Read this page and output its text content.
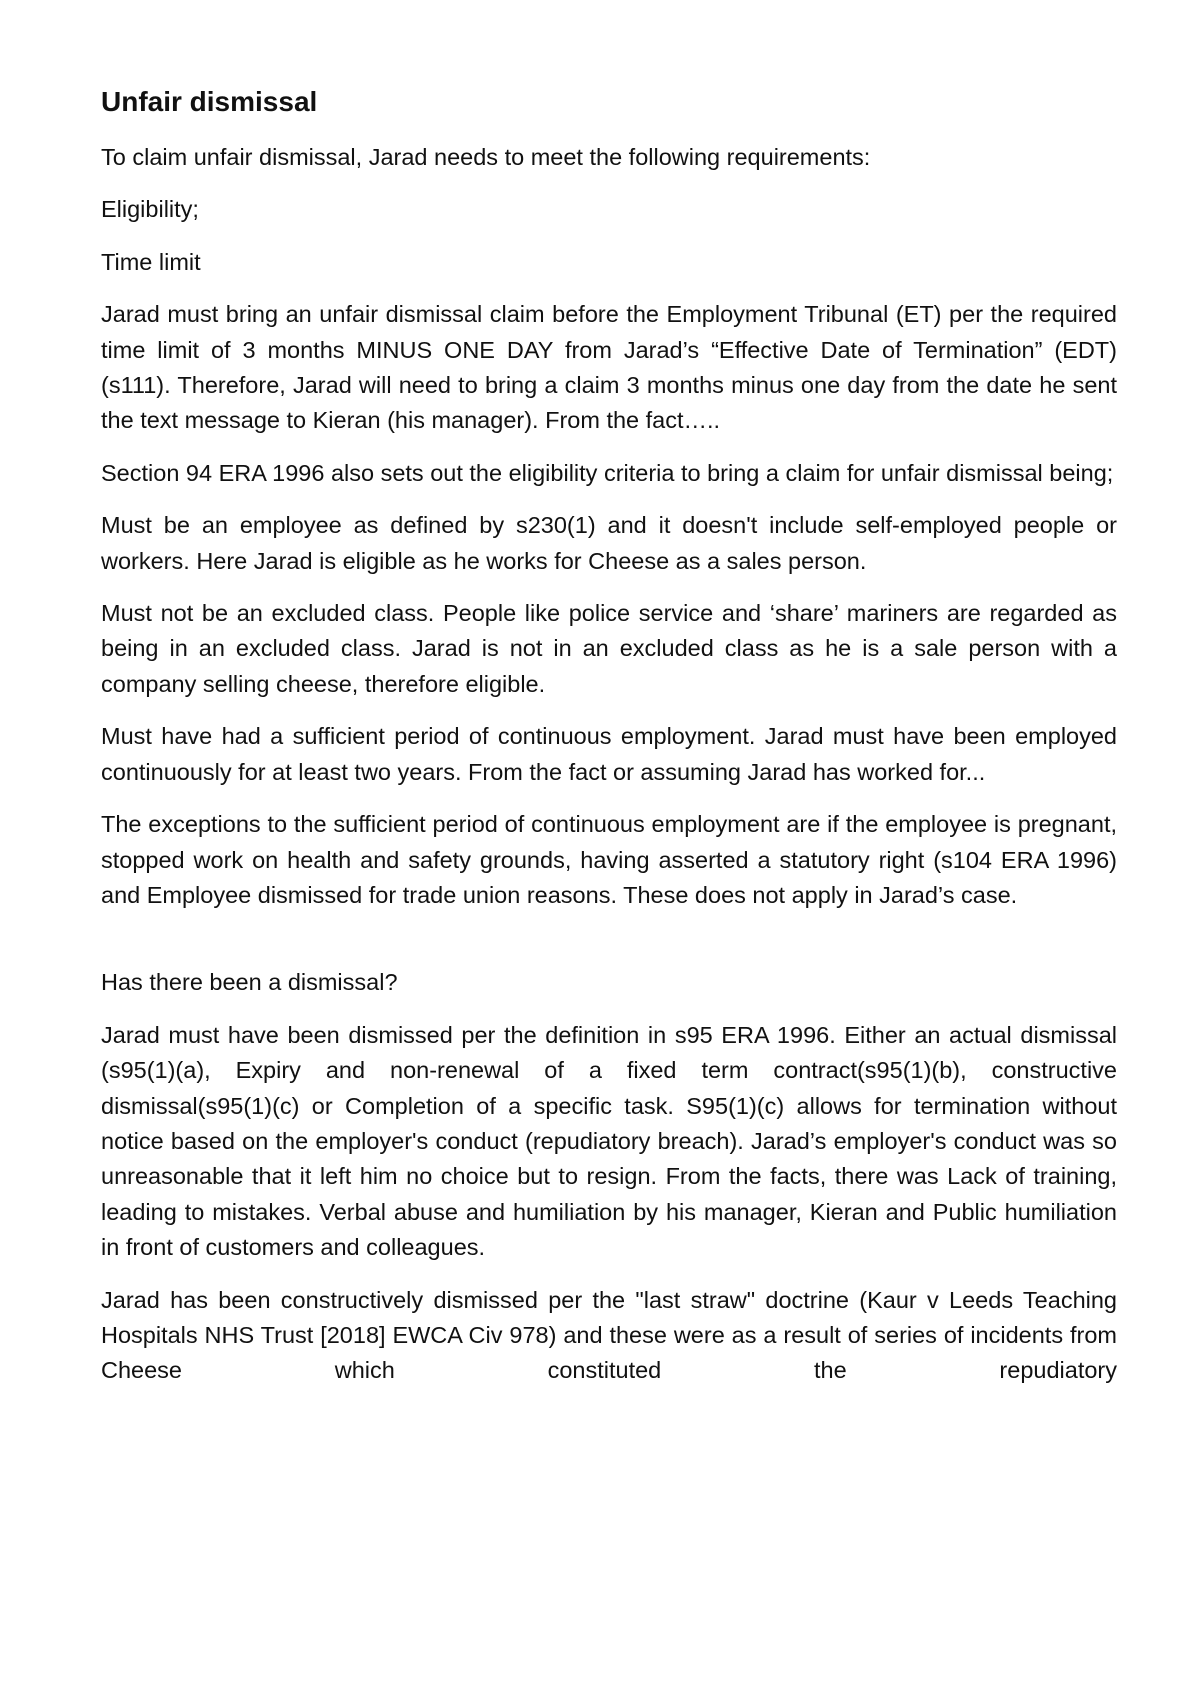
Unfair dismissal
To claim unfair dismissal, Jarad needs to meet the following requirements:
Eligibility;
Time limit
Jarad must bring an unfair dismissal claim before the Employment Tribunal (ET) per the required time limit of 3 months MINUS ONE DAY from Jarad’s “Effective Date of Termination” (EDT) (s111). Therefore, Jarad will need to bring a claim 3 months minus one day from the date he sent the text message to Kieran (his manager). From the fact…..
Section 94 ERA 1996 also sets out the eligibility criteria to bring a claim for unfair dismissal being;
Must be an employee as defined by s230(1) and it doesn't include self-employed people or workers. Here Jarad is eligible as he works for Cheese as a sales person.
Must not be an excluded class. People like police service and ‘share’ mariners are regarded as being in an excluded class. Jarad is not in an excluded class as he is a sale person with a company selling cheese, therefore eligible.
Must have had a sufficient period of continuous employment. Jarad must have been employed continuously for at least two years. From the fact or assuming Jarad has worked for...
The exceptions to the sufficient period of continuous employment are if the employee is pregnant, stopped work on health and safety grounds, having asserted a statutory right (s104 ERA 1996) and Employee dismissed for trade union reasons. These does not apply in Jarad’s case.
Has there been a dismissal?
Jarad must have been dismissed per the definition in s95 ERA 1996. Either an actual dismissal (s95(1)(a), Expiry and non-renewal of a fixed term contract(s95(1)(b), constructive dismissal(s95(1)(c) or Completion of a specific task. S95(1)(c) allows for termination without notice based on the employer's conduct (repudiatory breach). Jarad’s employer's conduct was so unreasonable that it left him no choice but to resign. From the facts, there was Lack of training, leading to mistakes. Verbal abuse and humiliation by his manager, Kieran and Public humiliation in front of customers and colleagues.
Jarad has been constructively dismissed per the "last straw" doctrine (Kaur v Leeds Teaching Hospitals NHS Trust [2018] EWCA Civ 978) and these were as a result of series of incidents from Cheese which constituted the repudiatory
